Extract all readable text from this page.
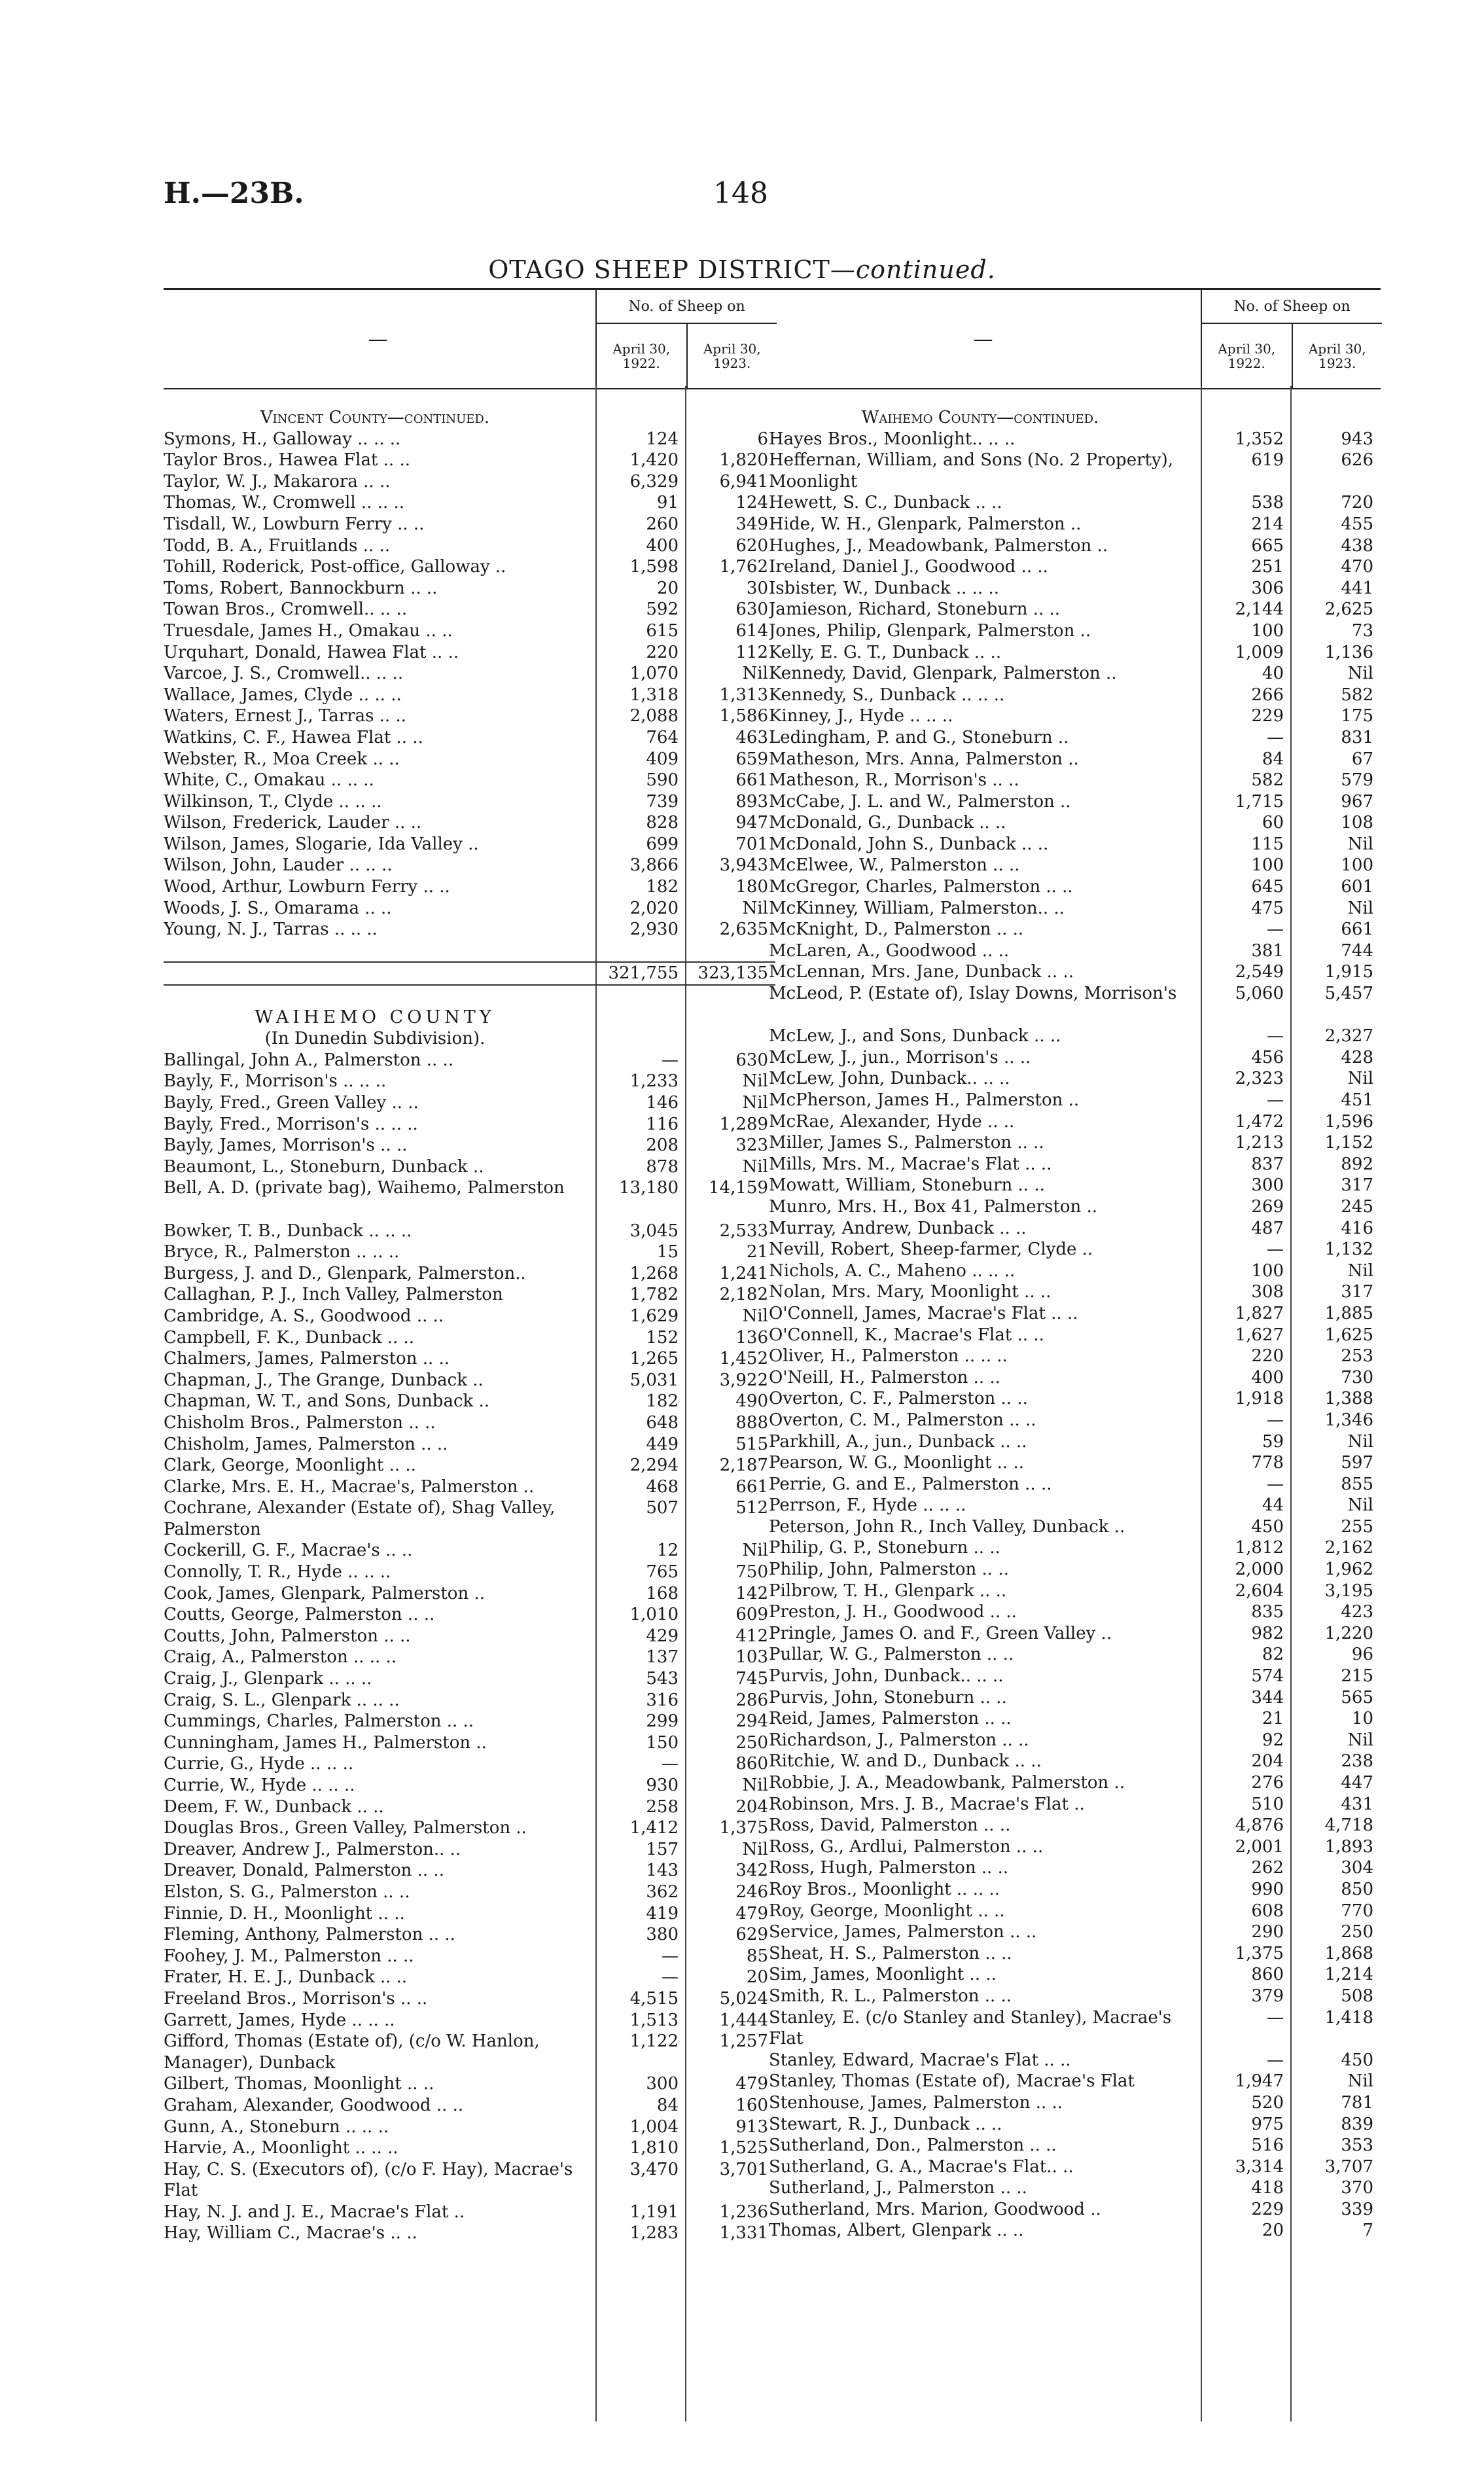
H.—23B.	148
OTAGO SHEEP DISTRICT—continued.
—
No. of Sheep on
April 30, 1922.
April 30, 1923.
Vincent County—continued.
Symons, H., Galloway .. .. ..	124	6
Taylor Bros., Hawea Flat .. ..	1,420	1,820
Taylor, W. J., Makarora .. ..	6,329	6,941
Thomas, W., Cromwell .. .. ..	91	124
Tisdall, W., Lowburn Ferry .. ..	260	349
Todd, B. A., Fruitlands .. ..	400	620
Tohill, Roderick, Post-office, Galloway ..	1,598	1,762
Toms, Robert, Bannockburn .. ..	20	30
Towan Bros., Cromwell.. .. ..	592	630
Truesdale, James H., Omakau .. ..	615	614
Urquhart, Donald, Hawea Flat .. ..	220	112
Varcoe, J. S., Cromwell.. .. ..	1,070	Nil
Wallace, James, Clyde .. .. ..	1,318	1,313
Waters, Ernest J., Tarras .. ..	2,088	1,586
Watkins, C. F., Hawea Flat .. ..	764	463
Webster, R., Moa Creek .. ..	409	659
White, C., Omakau .. .. ..	590	661
Wilkinson, T., Clyde .. .. ..	739	893
Wilson, Frederick, Lauder .. ..	828	947
Wilson, James, Slogarie, Ida Valley ..	699	701
Wilson, John, Lauder .. .. ..	3,866	3,943
Wood, Arthur, Lowburn Ferry .. ..	182	180
Woods, J. S., Omarama .. ..	2,020	Nil
Young, N. J., Tarras .. .. ..	2,930	2,635
321,755	323,135
WAIHEMO COUNTY
(In Dunedin Subdivision).
Ballingal, John A., Palmerston .. ..	—	630
Bayly, F., Morrison's .. .. ..	1,233	Nil
Bayly, Fred., Green Valley .. ..	146	Nil
Bayly, Fred., Morrison's .. .. ..	116	1,289
Bayly, James, Morrison's .. ..	208	323
Beaumont, L., Stoneburn, Dunback ..	878	Nil
Bell, A. D. (private bag), Waihemo, Palmerston	13,180	14,159
Bowker, T. B., Dunback .. .. ..	3,045	2,533
Bryce, R., Palmerston .. .. ..	15	21
Burgess, J. and D., Glenpark, Palmerston..	1,268	1,241
Callaghan, P. J., Inch Valley, Palmerston	1,782	2,182
Cambridge, A. S., Goodwood .. ..	1,629	Nil
Campbell, F. K., Dunback .. ..	152	136
Chalmers, James, Palmerston .. ..	1,265	1,452
Chapman, J., The Grange, Dunback ..	5,031	3,922
Chapman, W. T., and Sons, Dunback ..	182	490
Chisholm Bros., Palmerston .. ..	648	888
Chisholm, James, Palmerston .. ..	449	515
Clark, George, Moonlight .. ..	2,294	2,187
Clarke, Mrs. E. H., Macrae's, Palmerston ..	468	661
Cochrane, Alexander (Estate of), Shag Valley, Palmerston
507	512
Cockerill, G. F., Macrae's .. ..	12	Nil
Connolly, T. R., Hyde .. .. ..	765	750
Cook, James, Glenpark, Palmerston ..	168	142
Coutts, George, Palmerston .. ..	1,010	609
Coutts, John, Palmerston .. ..	429	412
Craig, A., Palmerston .. .. ..	137	103
Craig, J., Glenpark .. .. ..	543	745
Craig, S. L., Glenpark .. .. ..	316	286
Cummings, Charles, Palmerston .. ..	299	294
Cunningham, James H., Palmerston ..	150	250
Currie, G., Hyde .. .. ..	—	860
Currie, W., Hyde .. .. ..	930	Nil
Deem, F. W., Dunback .. ..	258	204
Douglas Bros., Green Valley, Palmerston ..	1,412	1,375
Dreaver, Andrew J., Palmerston.. ..	157	Nil
Dreaver, Donald, Palmerston .. ..	143	342
Elston, S. G., Palmerston .. ..	362	246
Finnie, D. H., Moonlight .. ..	419	479
Fleming, Anthony, Palmerston .. ..	380	629
Foohey, J. M., Palmerston .. ..	—	85
Frater, H. E. J., Dunback .. ..	—	20
Freeland Bros., Morrison's .. ..	4,515	5,024
Garrett, James, Hyde .. .. ..	1,513	1,444
Gifford, Thomas (Estate of), (c/o W. Hanlon, Manager), Dunback
1,122	1,257
Gilbert, Thomas, Moonlight .. ..	300	479
Graham, Alexander, Goodwood .. ..	84	160
Gunn, A., Stoneburn .. .. ..	1,004	913
Harvie, A., Moonlight .. .. ..	1,810	1,525
Hay, C. S. (Executors of), (c/o F. Hay), Macrae's Flat
3,470	3,701
Hay, N. J. and J. E., Macrae's Flat ..	1,191	1,236
Hay, William C., Macrae's .. ..	1,283	1,331
—
No. of Sheep on
April 30, 1922.
April 30, 1923.
Waihemo County—continued.
Hayes Bros., Moonlight.. .. ..	1,352	943
Heffernan, William, and Sons (No. 2 Property), Moonlight
619	626
Hewett, S. C., Dunback .. ..	538	720
Hide, W. H., Glenpark, Palmerston ..	214	455
Hughes, J., Meadowbank, Palmerston ..	665	438
Ireland, Daniel J., Goodwood .. ..	251	470
Isbister, W., Dunback .. .. ..	306	441
Jamieson, Richard, Stoneburn .. ..	2,144	2,625
Jones, Philip, Glenpark, Palmerston ..	100	73
Kelly, E. G. T., Dunback .. ..	1,009	1,136
Kennedy, David, Glenpark, Palmerston ..	40	Nil
Kennedy, S., Dunback .. .. ..	266	582
Kinney, J., Hyde .. .. ..	229	175
Ledingham, P. and G., Stoneburn ..	—	831
Matheson, Mrs. Anna, Palmerston ..	84	67
Matheson, R., Morrison's .. ..	582	579
McCabe, J. L. and W., Palmerston ..	1,715	967
McDonald, G., Dunback .. ..	60	108
McDonald, John S., Dunback .. ..	115	Nil
McElwee, W., Palmerston .. ..	100	100
McGregor, Charles, Palmerston .. ..	645	601
McKinney, William, Palmerston.. ..	475	Nil
McKnight, D., Palmerston .. ..	—	661
McLaren, A., Goodwood .. ..	381	744
McLennan, Mrs. Jane, Dunback .. ..	2,549	1,915
McLeod, P. (Estate of), Islay Downs, Morrison's	5,060	5,457
McLew, J., and Sons, Dunback .. ..	—	2,327
McLew, J., jun., Morrison's .. ..	456	428
McLew, John, Dunback.. .. ..	2,323	Nil
McPherson, James H., Palmerston ..	—	451
McRae, Alexander, Hyde .. ..	1,472	1,596
Miller, James S., Palmerston .. ..	1,213	1,152
Mills, Mrs. M., Macrae's Flat .. ..	837	892
Mowatt, William, Stoneburn .. ..	300	317
Munro, Mrs. H., Box 41, Palmerston ..	269	245
Murray, Andrew, Dunback .. ..	487	416
Nevill, Robert, Sheep-farmer, Clyde ..	—	1,132
Nichols, A. C., Maheno .. .. ..	100	Nil
Nolan, Mrs. Mary, Moonlight .. ..	308	317
O'Connell, James, Macrae's Flat .. ..	1,827	1,885
O'Connell, K., Macrae's Flat .. ..	1,627	1,625
Oliver, H., Palmerston .. .. ..	220	253
O'Neill, H., Palmerston .. ..	400	730
Overton, C. F., Palmerston .. ..	1,918	1,388
Overton, C. M., Palmerston .. ..	—	1,346
Parkhill, A., jun., Dunback .. ..	59	Nil
Pearson, W. G., Moonlight .. ..	778	597
Perrie, G. and E., Palmerston .. ..	—	855
Perrson, F., Hyde .. .. ..	44	Nil
Peterson, John R., Inch Valley, Dunback ..	450	255
Philip, G. P., Stoneburn .. ..	1,812	2,162
Philip, John, Palmerston .. ..	2,000	1,962
Pilbrow, T. H., Glenpark .. ..	2,604	3,195
Preston, J. H., Goodwood .. ..	835	423
Pringle, James O. and F., Green Valley ..	982	1,220
Pullar, W. G., Palmerston .. ..	82	96
Purvis, John, Dunback.. .. ..	574	215
Purvis, John, Stoneburn .. ..	344	565
Reid, James, Palmerston .. ..	21	10
Richardson, J., Palmerston .. ..	92	Nil
Ritchie, W. and D., Dunback .. ..	204	238
Robbie, J. A., Meadowbank, Palmerston ..	276	447
Robinson, Mrs. J. B., Macrae's Flat ..	510	431
Ross, David, Palmerston .. ..	4,876	4,718
Ross, G., Ardlui, Palmerston .. ..	2,001	1,893
Ross, Hugh, Palmerston .. ..	262	304
Roy Bros., Moonlight .. .. ..	990	850
Roy, George, Moonlight .. ..	608	770
Service, James, Palmerston .. ..	290	250
Sheat, H. S., Palmerston .. ..	1,375	1,868
Sim, James, Moonlight .. ..	860	1,214
Smith, R. L., Palmerston .. ..	379	508
Stanley, E. (c/o Stanley and Stanley), Macrae's Flat
—	1,418
Stanley, Edward, Macrae's Flat .. ..	—	450
Stanley, Thomas (Estate of), Macrae's Flat	1,947	Nil
Stenhouse, James, Palmerston .. ..	520	781
Stewart, R. J., Dunback .. ..	975	839
Sutherland, Don., Palmerston .. ..	516	353
Sutherland, G. A., Macrae's Flat.. ..	3,314	3,707
Sutherland, J., Palmerston .. ..	418	370
Sutherland, Mrs. Marion, Goodwood ..	229	339
Thomas, Albert, Glenpark .. ..	20	7
